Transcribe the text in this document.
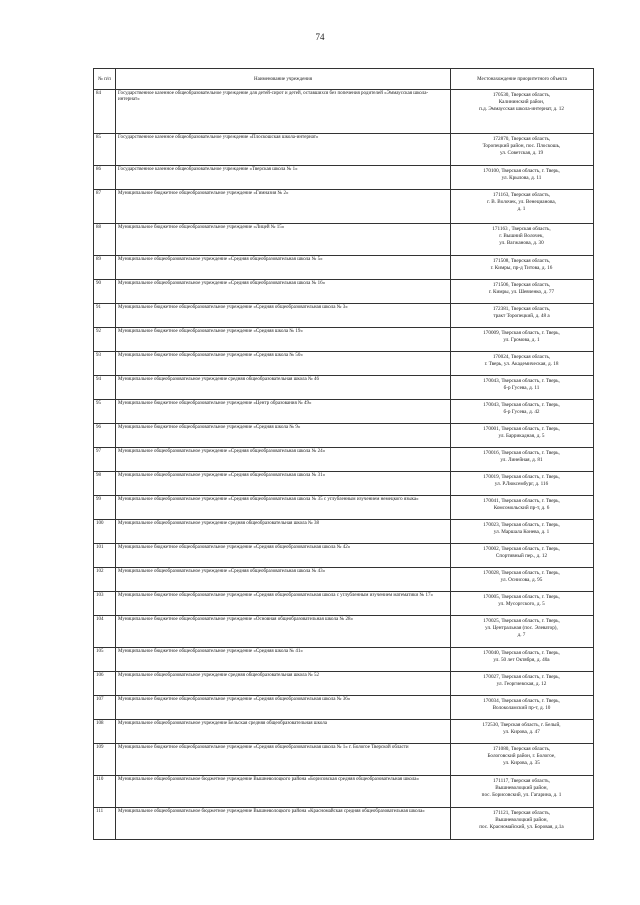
74
№ п/п	Наименование учреждения	Местонахождение приоритетного объекта
84	Государственное казенное общеобразовательное учреждение для детей-сирот и детей, оставшихся без попечения родителей «Эммаусская школа-интернат»	170530, Тверская область,
Калининский район,
п.д. Эммаусская школа-интернат, д. 12

85	Государственное казенное общеобразовательное учреждение «Плоскошская школа-интернат»	172870, Тверская область,
Торопецкий район, пос. Плоскошь,
ул. Советская, д. 19

86	Государственное казенное общеобразовательное учреждение «Тверская школа № 1»	170100, Тверская область, г. Тверь,
ул. Крылова, д. 11

87	Муниципальное бюджетное общеобразовательное учреждение «Гимназия № 2»	171163, Тверская область,
г. В. Волочек, ул. Венецианова,
д. 1

88	Муниципальное бюджетное общеобразовательное учреждение «Лицей № 15»	171163 , Тверская область,
г. Вышний Волочек,
ул. Вагжанова, д. 30

89	Муниципальное общеобразовательное учреждение «Средняя общеобразовательная школа № 5»	171508, Тверская область,
г. Кимры, пр-д Титова, д. 16

90	Муниципальное общеобразовательное учреждение «Средняя общеобразовательная школа № 16»	171506, Тверская область,
г. Кимры, ул. Шевченко, д. 77

91	Муниципальное бюджетное общеобразовательное учреждение «Средняя общеобразовательная школа № 3»	172381, Тверская область,
тракт Торопецкий, д. 48 а

92	Муниципальное бюджетное общеобразовательное учреждение «Средняя школа № 19»	170009, Тверская область, г. Тверь,
ул. Громова, д. 1

93	Муниципальное бюджетное общеобразовательное учреждение «Средняя школа № 50»	170024, Тверская область,
г. Тверь, ул. Академическая, д. 18

94	Муниципальное общеобразовательное учреждение средняя общеобразовательная школа № 46	170043, Тверская область, г. Тверь,
б-р Гусева, д. 11

95	Муниципальное бюджетное общеобразовательное учреждение «Центр образования № 49»	170043, Тверская область, г. Тверь,
б-р Гусева, д. 42

96	Муниципальное бюджетное общеобразовательное учреждение «Средняя школа № 9»	170001, Тверская область, г. Тверь,
ул. Баррикадная, д. 5

97	Муниципальное общеобразовательное учреждение «Средняя общеобразовательная школа № 24»	170016, Тверская область, г. Тверь,
ул. Линейная, д. 81

98	Муниципальное общеобразовательное учреждение «Средняя общеобразовательная школа № 31»	170019, Тверская область, г. Тверь,
ул. Р.Люксембург, д. 116

99	Муниципальное общеобразовательное учреждение «Средняя общеобразовательная школа № 35 с углубленным изучением немецкого языка»	170041, Тверская область, г. Тверь,
Комсомольский пр-т, д. 6

100	Муниципальное общеобразовательное учреждение средняя общеобразовательная школа № 38	170023, Тверская область, г. Тверь,
ул. Маршала Конева, д. 1

101	Муниципальное бюджетное общеобразовательное учреждение «Средняя общеобразовательная школа № 42»	170002, Тверская область, г. Тверь,
Спортивный пер., д. 12

102	Муниципальное общеобразовательное учреждение «Средняя общеобразовательная школа № 43»	170028, Тверская область, г. Тверь,
ул. Оснисова, д. 95

103	Муниципальное бюджетное общеобразовательное учреждение «Средняя общеобразовательная школа с углубленным изучением математики № 17»	170005, Тверская область, г. Тверь,
ул. Мусоргского, д. 5

104	Муниципальное бюджетное общеобразовательное учреждение «Основная общеобразовательная школа № 28»	170025, Тверская область, г. Тверь,
ул. Центральная (пос. Элеватор),
д. 7

105	Муниципальное бюджетное общеобразовательное учреждение «Средняя школа № 41»	170040, Тверская область, г. Тверь,
ул. 50 лет Октября, д. 40а

106	Муниципальное общеобразовательное учреждение средняя общеобразовательная школа № 52	170027, Тверская область, г. Тверь,
ул. Георгиевская, д. 12

107	Муниципальное бюджетное общеобразовательное учреждение «Средняя общеобразовательная школа № 36»	170034, Тверская область, г. Тверь,
Волоколамский пр-т, д. 10

108	Муниципальное общеобразовательное учреждение Бельская средняя общеобразовательная школа	172530, Тверская область, г. Белый,
ул. Кирова, д. 47

109	Муниципальное бюджетное общеобразовательное учреждение «Средняя общеобразовательная школа № 1» г. Бологое Тверской области	171080, Тверская область,
Бологовский район, г. Бологое,
ул. Кирова, д. 35

110	Муниципальное общеобразовательное бюджетное учреждение Вышневолоцкого района «Борисовская средняя общеобразовательная школа»	171117, Тверская область,
Вышневолоцкий район,
пос. Борисовский, ул. Гагарина, д. 1

111	Муниципальное общеобразовательное бюджетное учреждение Вышневолоцкого района «Красномайская средняя общеобразовательная школа»	171121, Тверская область,
Вышневолоцкий район,
пос. Красномайский, ул. Боровая, д.1а
